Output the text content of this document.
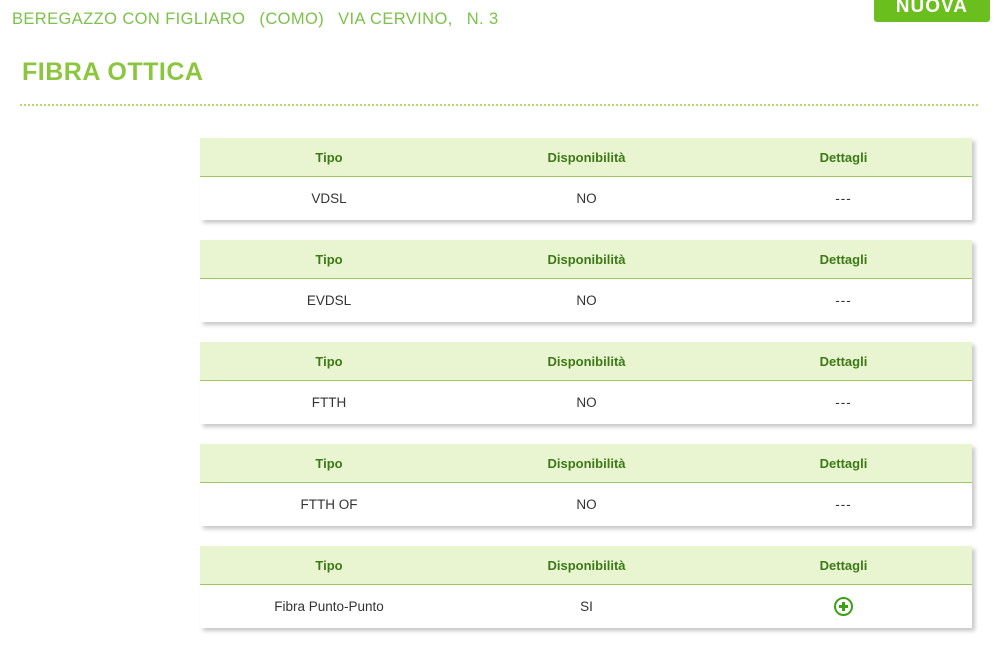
NUOVA
BEREGAZZO CON FIGLIARO (COMO) VIA CERVINO, N. 3
FIBRA OTTICA
Tipo	Disponibilità	Dettagli
VDSL	NO	---
Tipo	Disponibilità	Dettagli
EVDSL	NO	---
Tipo	Disponibilità	Dettagli
FTTH	NO	---
Tipo	Disponibilità	Dettagli
FTTH OF	NO	---
Tipo	Disponibilità	Dettagli
Fibra Punto-Punto	SI
